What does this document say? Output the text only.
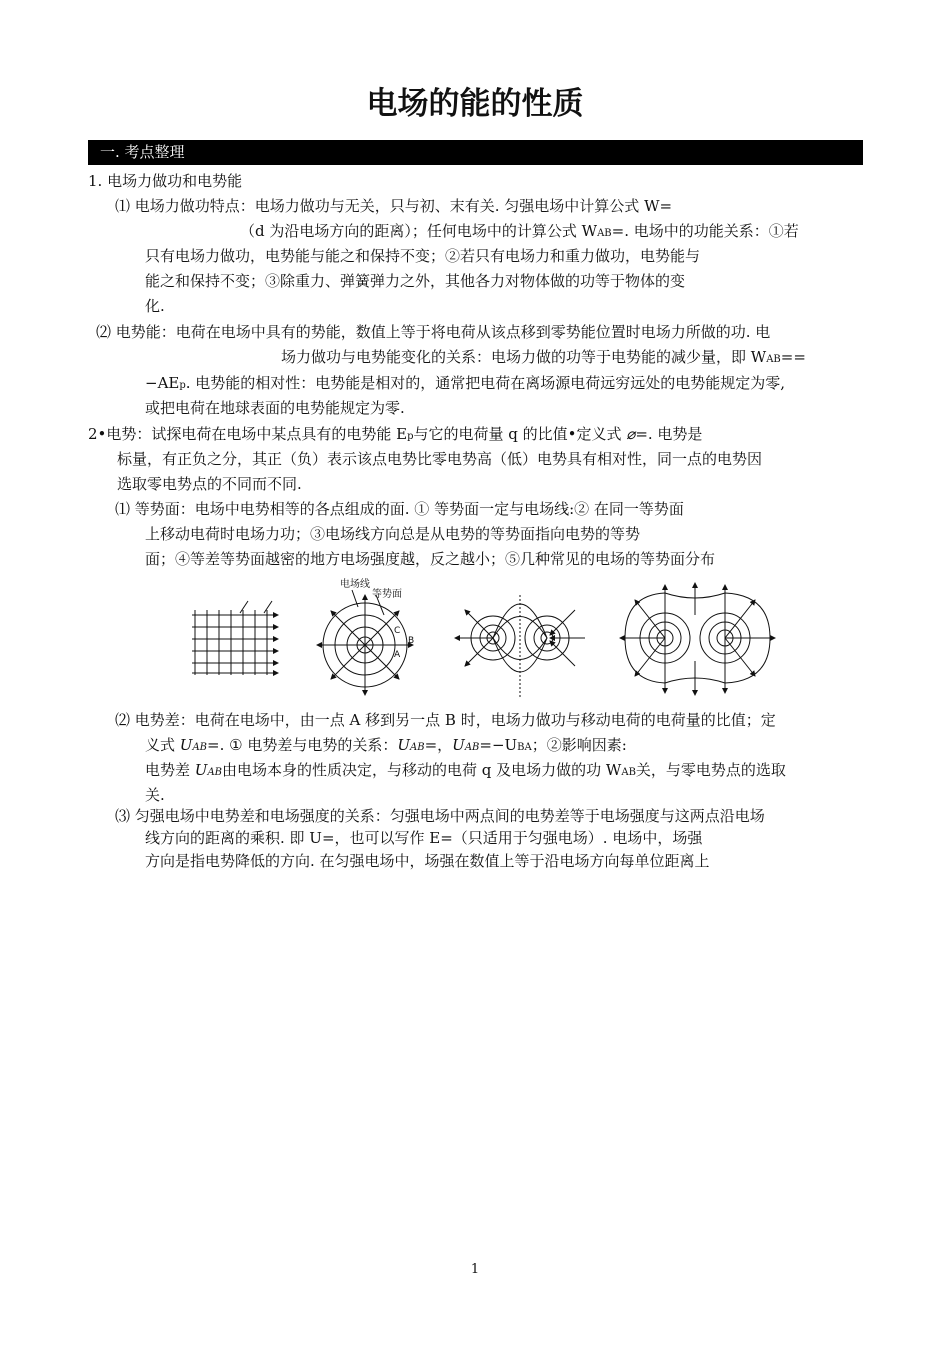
电场的能的性质
一. 考点整理
1. 电场力做功和电势能
⑴ 电场力做功特点：电场力做功与无关，只与初、末有关. 匀强电场中计算公式 W=
（d 为沿电场方向的距离）；任何电场中的计算公式 WAB=. 电场中的功能关系：①若
只有电场力做功，电势能与能之和保持不变；②若只有电场力和重力做功，电势能与
能之和保持不变；③除重力、弹簧弹力之外，其他各力对物体做的功等于物体的变
化.
⑵ 电势能：电荷在电场中具有的势能，数值上等于将电荷从该点移到零势能位置时电场力所做的功. 电
场力做功与电势能变化的关系：电场力做的功等于电势能的减少量，即 WAB==
−AEp. 电势能的相对性：电势能是相对的，通常把电荷在离场源电荷远穷远处的电势能规定为零,
或把电荷在地球表面的电势能规定为零.
2•电势：试探电荷在电场中某点具有的电势能 Ep与它的电荷量 q 的比值•定义式 ⌀=. 电势是
标量，有正负之分，其正（负）表示该点电势比零电势高（低）电势具有相对性，同一点的电势因
选取零电势点的不同而不同.
⑴ 等势面：电场中电势相等的各点组成的面. ① 等势面一定与电场线:② 在同一等势面
上移动电荷时电场力功；③电场线方向总是从电势的等势面指向电势的等势
面；④等差等势面越密的地方电场强度越，反之越小；⑤几种常见的电场的等势面分布
电场线
等势面
C
B
A
⑵ 电势差：电荷在电场中，由一点 A 移到另一点 B 时，电场力做功与移动电荷的电荷量的比值；定
义式 UAB=. ① 电势差与电势的关系：UAB=，UAB=−UBA；②影响因素:
电势差 UAB由电场本身的性质决定，与移动的电荷 q 及电场力做的功 WAB关，与零电势点的选取
关.
⑶ 匀强电场中电势差和电场强度的关系：匀强电场中两点间的电势差等于电场强度与这两点沿电场
线方向的距离的乘积. 即 U=，也可以写作 E=（只适用于匀强电场）. 电场中，场强
方向是指电势降低的方向. 在匀强电场中，场强在数值上等于沿电场方向每单位距离上
1
